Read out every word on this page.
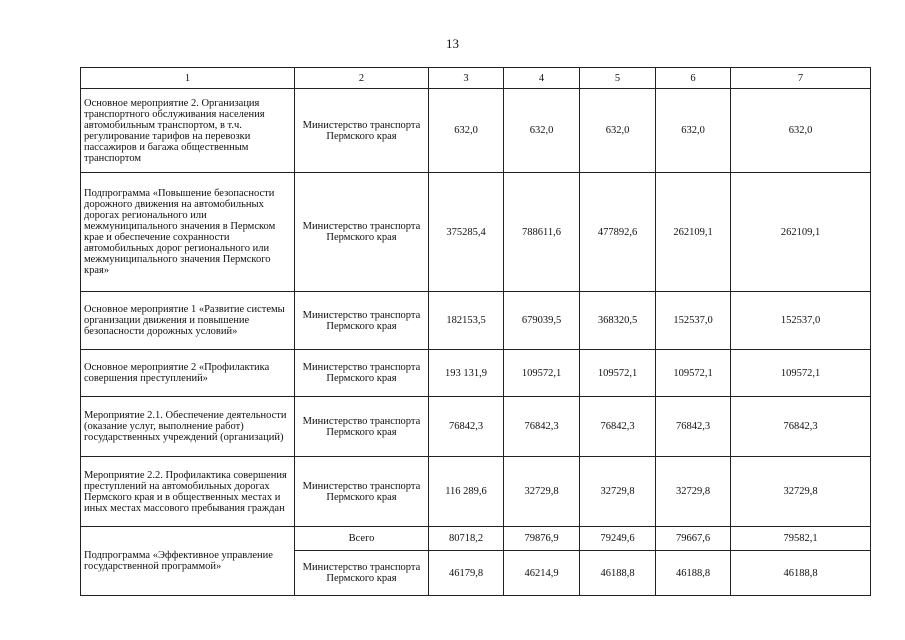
13
1	2	3	4	5	6	7
Основное мероприятие 2. Организация транспортного обслуживания населения автомобильным транспортом, в т.ч. регулирование тарифов на перевозки пассажиров и багажа общественным транспортом	Министерство транспорта Пермского края	632,0	632,0	632,0	632,0	632,0
Подпрограмма «Повышение безопасности дорожного движения на автомобильных дорогах регионального или межмуниципального значения в Пермском крае и обеспечение сохранности автомобильных дорог регионального или межмуниципального значения Пермского края»	Министерство транспорта Пермского края	375285,4	788611,6	477892,6	262109,1	262109,1
Основное мероприятие 1 «Развитие системы организации движения и повышение безопасности дорожных условий»	Министерство транспорта Пермского края	182153,5	679039,5	368320,5	152537,0	152537,0
Основное мероприятие 2 «Профилактика совершения преступлений»	Министерство транспорта Пермского края	193 131,9	109572,1	109572,1	109572,1	109572,1
Мероприятие 2.1. Обеспечение деятельности (оказание услуг, выполнение работ) государственных учреждений (организаций)	Министерство транспорта Пермского края	76842,3	76842,3	76842,3	76842,3	76842,3
Мероприятие 2.2. Профилактика совершения преступлений на автомобильных дорогах Пермского края и в общественных местах и иных местах массового пребывания граждан	Министерство транспорта Пермского края	116 289,6	32729,8	32729,8	32729,8	32729,8
Подпрограмма «Эффективное управление государственной программой»	Всего	80718,2	79876,9	79249,6	79667,6	79582,1
	Министерство транспорта Пермского края	46179,8	46214,9	46188,8	46188,8	46188,8
